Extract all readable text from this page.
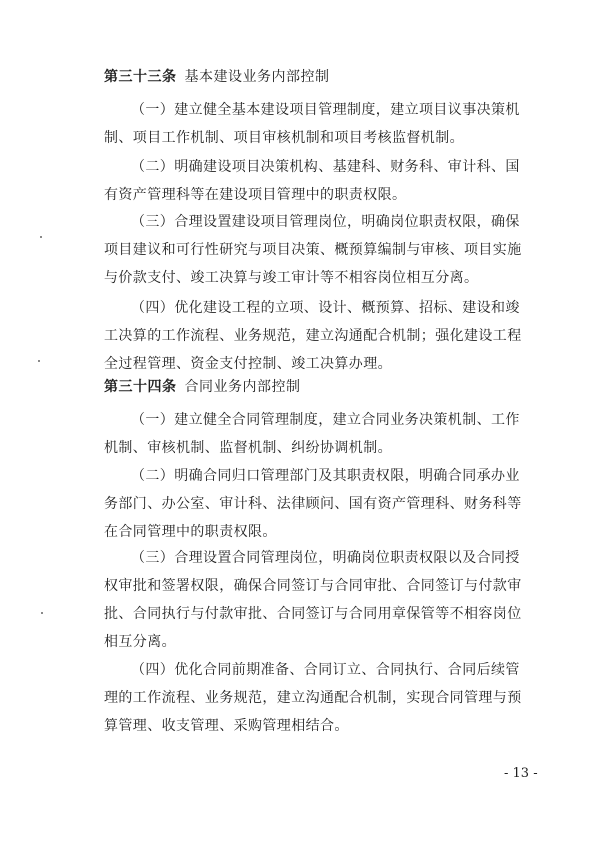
第三十三条 基本建设业务内部控制

（一）建立健全基本建设项目管理制度，建立项目议事决策机
制、项目工作机制、项目审核机制和项目考核监督机制。

（二）明确建设项目决策机构、基建科、财务科、审计科、国
有资产管理科等在建设项目管理中的职责权限。

（三）合理设置建设项目管理岗位，明确岗位职责权限，确保
项目建议和可行性研究与项目决策、概预算编制与审核、项目实施
与价款支付、竣工决算与竣工审计等不相容岗位相互分离。

（四）优化建设工程的立项、设计、概预算、招标、建设和竣
工决算的工作流程、业务规范，建立沟通配合机制；强化建设工程
全过程管理、资金支付控制、竣工决算办理。

第三十四条 合同业务内部控制

（一）建立健全合同管理制度，建立合同业务决策机制、工作
机制、审核机制、监督机制、纠纷协调机制。

（二）明确合同归口管理部门及其职责权限，明确合同承办业
务部门、办公室、审计科、法律顾问、国有资产管理科、财务科等
在合同管理中的职责权限。

（三）合理设置合同管理岗位，明确岗位职责权限以及合同授
权审批和签署权限，确保合同签订与合同审批、合同签订与付款审
批、合同执行与付款审批、合同签订与合同用章保管等不相容岗位
相互分离。

（四）优化合同前期准备、合同订立、合同执行、合同后续管
理的工作流程、业务规范，建立沟通配合机制，实现合同管理与预
算管理、收支管理、采购管理相结合。

- 13 -
